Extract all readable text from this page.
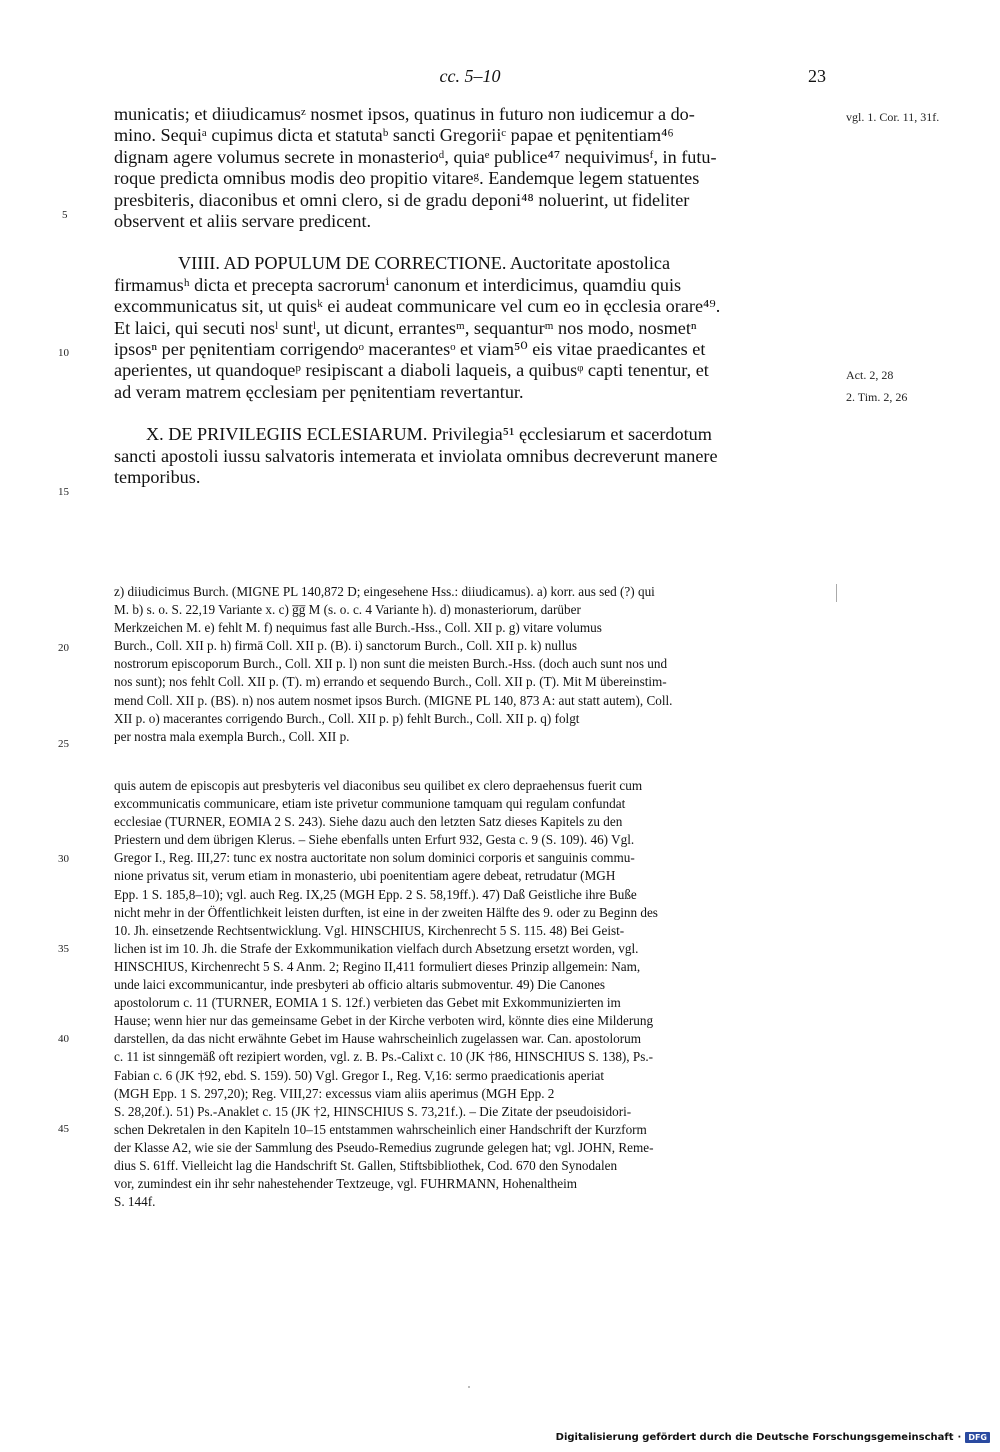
cc. 5–10	23
municatis; et diiudicamusᶻ nosmet ipsos, quatinus in futuro non iudicemur a do-
mino. Sequiᵃ cupimus dicta et statutaᵇ sancti Gregoriiᶜ papae et pęnitentiam⁴⁶
dignam agere volumus secrete in monasterioᵈ, quiaᵉ publice⁴⁷ nequivimusᶠ, in futu-
roque predicta omnibus modis deo propitio vitareᵍ. Eandemque legem statuentes
presbiteris, diaconibus et omni clero, si de gradu deponi⁴⁸ noluerint, ut fideliter
observent et aliis servare predicent.
VIIII. AD POPULUM DE CORRECTIONE. Auctoritate apostolica
firmamusʰ dicta et precepta sacrorumⁱ canonum et interdicimus, quamdiu quis
excommunicatus sit, ut quisᵏ ei audeat communicare vel cum eo in ęcclesia orare⁴⁹.
Et laici, qui secuti nosˡ suntˡ, ut dicunt, errantesᵐ, sequanturᵐ nos modo, nosmetⁿ
ipsosⁿ per pęnitentiam corrigendoᵒ macerantesᵒ et viam⁵⁰ eis vitae praedicantes et
aperientes, ut quandoqueᵖ resipiscant a diaboli laqueis, a quibusᵠ capti tenentur, et
ad veram matrem ęcclesiam per pęnitentiam revertantur.
X. DE PRIVILEGIIS ECLESIARUM. Privilegia⁵¹ ęcclesiarum et sacerdotum
sancti apostoli iussu salvatoris intemerata et inviolata omnibus decreverunt manere
temporibus.
5
10
15
vgl. 1. Cor. 11, 31f.
Act. 2, 28
2. Tim. 2, 26
z) diiudicimus Burch. (MIGNE PL 140,872 D; eingesehene Hss.: diiudicamus). a) korr. aus sed (?) qui
M. b) s. o. S. 22,19 Variante x. c) g̅g̅ M (s. o. c. 4 Variante h). d) monasteriorum, darüber
Merkzeichen M. e) fehlt M. f) nequimus fast alle Burch.-Hss., Coll. XII p. g) vitare volumus
Burch., Coll. XII p. h) firmā Coll. XII p. (B). i) sanctorum Burch., Coll. XII p. k) nullus
nostrorum episcoporum Burch., Coll. XII p. l) non sunt die meisten Burch.-Hss. (doch auch sunt nos und
nos sunt); nos fehlt Coll. XII p. (T). m) errando et sequendo Burch., Coll. XII p. (T). Mit M übereinstim-
mend Coll. XII p. (BS). n) nos autem nosmet ipsos Burch. (MIGNE PL 140, 873 A: aut statt autem), Coll.
XII p. o) macerantes corrigendo Burch., Coll. XII p. p) fehlt Burch., Coll. XII p. q) folgt
per nostra mala exempla Burch., Coll. XII p.
20
25
quis autem de episcopis aut presbyteris vel diaconibus seu quilibet ex clero depraehensus fuerit cum
excommunicatis communicare, etiam iste privetur communione tamquam qui regulam confundat
ecclesiae (TURNER, EOMIA 2 S. 243). Siehe dazu auch den letzten Satz dieses Kapitels zu den
Priestern und dem übrigen Klerus. – Siehe ebenfalls unten Erfurt 932, Gesta c. 9 (S. 109). 46) Vgl.
Gregor I., Reg. III,27: tunc ex nostra auctoritate non solum dominici corporis et sanguinis commu-
nione privatus sit, verum etiam in monasterio, ubi poenitentiam agere debeat, retrudatur (MGH
Epp. 1 S. 185,8–10); vgl. auch Reg. IX,25 (MGH Epp. 2 S. 58,19ff.). 47) Daß Geistliche ihre Buße
nicht mehr in der Öffentlichkeit leisten durften, ist eine in der zweiten Hälfte des 9. oder zu Beginn des
10. Jh. einsetzende Rechtsentwicklung. Vgl. HINSCHIUS, Kirchenrecht 5 S. 115. 48) Bei Geist-
lichen ist im 10. Jh. die Strafe der Exkommunikation vielfach durch Absetzung ersetzt worden, vgl.
HINSCHIUS, Kirchenrecht 5 S. 4 Anm. 2; Regino II,411 formuliert dieses Prinzip allgemein: Nam,
unde laici excommunicantur, inde presbyteri ab officio altaris submoventur. 49) Die Canones
apostolorum c. 11 (TURNER, EOMIA 1 S. 12f.) verbieten das Gebet mit Exkommunizierten im
Hause; wenn hier nur das gemeinsame Gebet in der Kirche verboten wird, könnte dies eine Milderung
darstellen, da das nicht erwähnte Gebet im Hause wahrscheinlich zugelassen war. Can. apostolorum
c. 11 ist sinngemäß oft rezipiert worden, vgl. z. B. Ps.-Calixt c. 10 (JK †86, HINSCHIUS S. 138), Ps.-
Fabian c. 6 (JK †92, ebd. S. 159). 50) Vgl. Gregor I., Reg. V,16: sermo praedicationis aperiat
(MGH Epp. 1 S. 297,20); Reg. VIII,27: excessus viam aliis aperimus (MGH Epp. 2
S. 28,20f.). 51) Ps.-Anaklet c. 15 (JK †2, HINSCHIUS S. 73,21f.). – Die Zitate der pseudoisidori-
schen Dekretalen in den Kapiteln 10–15 entstammen wahrscheinlich einer Handschrift der Kurzform
der Klasse A2, wie sie der Sammlung des Pseudo-Remedius zugrunde gelegen hat; vgl. JOHN, Reme-
dius S. 61ff. Vielleicht lag die Handschrift St. Gallen, Stiftsbibliothek, Cod. 670 den Synodalen
vor, zumindest ein ihr sehr nahestehender Textzeuge, vgl. FUHRMANN, Hohenaltheim
S. 144f.
30
35
40
45
Digitalisierung gefördert durch die Deutsche Forschungsgemeinschaft · DFG
